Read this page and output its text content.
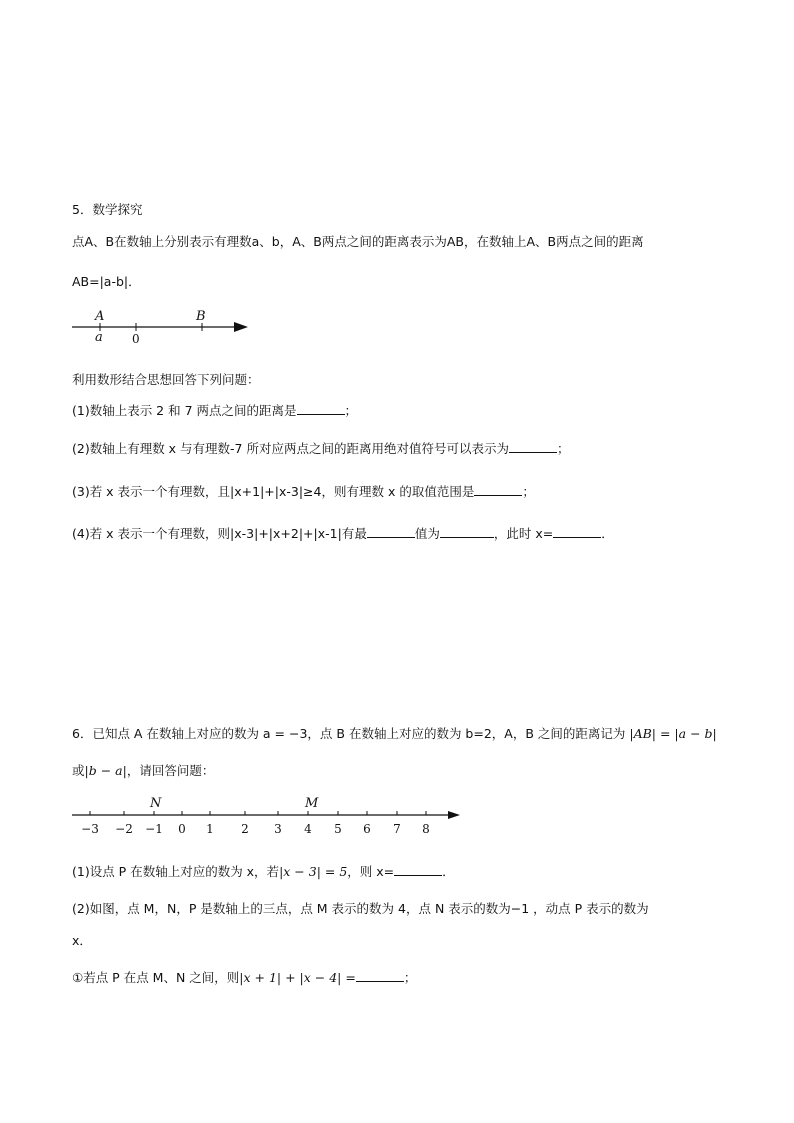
5．数学探究
点A、B在数轴上分别表示有理数a、b，A、B两点之间的距离表示为AB，在数轴上A、B两点之间的距离
AB=|a-b|．
A	B
a 0
利用数形结合思想回答下列问题：
(1)数轴上表示 2 和 7 两点之间的距离是	；
(2)数轴上有理数 x 与有理数-7 所对应两点之间的距离用绝对值符号可以表示为	；
(3)若 x 表示一个有理数，且|x+1|+|x-3|≥4，则有理数 x 的取值范围是	；
(4)若 x 表示一个有理数，则|x-3|+|x+2|+|x-1|有最	值为	，此时 x=	．
6．已知点 A 在数轴上对应的数为 a = −3，点 B 在数轴上对应的数为 b=2，A，B 之间的距离记为 |AB| = |a − b|
或|b − a|，请回答问题：
N	M
−3 −2 −1 0 1 2 3 4 5 6 7 8
(1)设点 P 在数轴上对应的数为 x，若|x − 3| = 5，则 x=	．
(2)如图，点 M，N，P 是数轴上的三点，点 M 表示的数为 4，点 N 表示的数为−1 ，动点 P 表示的数为
x．
①若点 P 在点 M、N 之间，则|x + 1| + |x − 4| =	；
